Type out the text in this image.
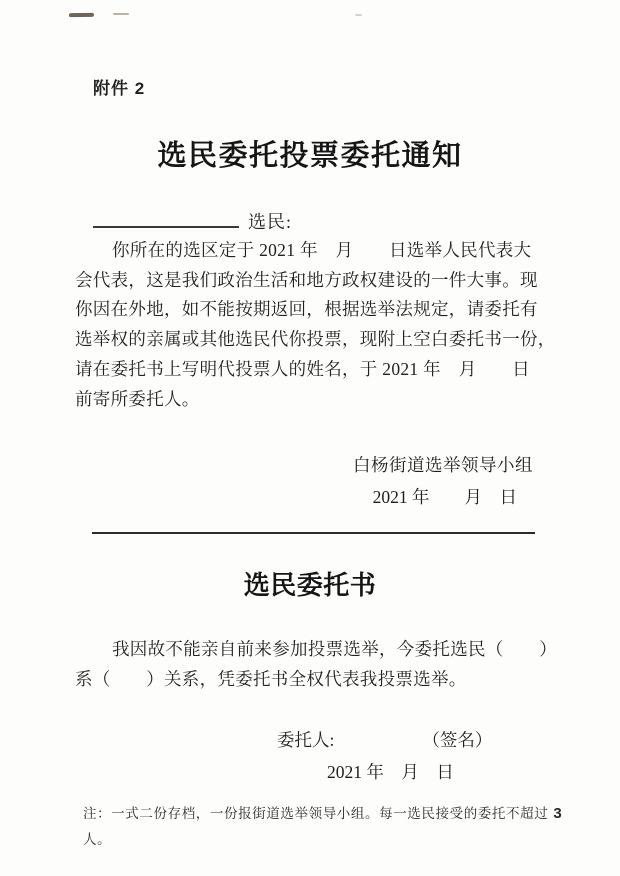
附件 2
选民委托投票委托通知
选民:
你所在的选区定于 2021 年　月　　日选举人民代表大
会代表，这是我们政治生活和地方政权建设的一件大事。现
你因在外地，如不能按期返回，根据选举法规定，请委托有
选举权的亲属或其他选民代你投票，现附上空白委托书一份，
请在委托书上写明代投票人的姓名，于 2021 年　月　　日
前寄所委托人。
白杨街道选举领导小组
2021 年　　月　日
选民委托书
我因故不能亲自前来参加投票选举，今委托选民（　　）
系（　　）关系，凭委托书全权代表我投票选举。
委托人:	（签名）
2021 年　月　日
注：一式二份存档，一份报街道选举领导小组。每一选民接受的委托不超过 3
人。
